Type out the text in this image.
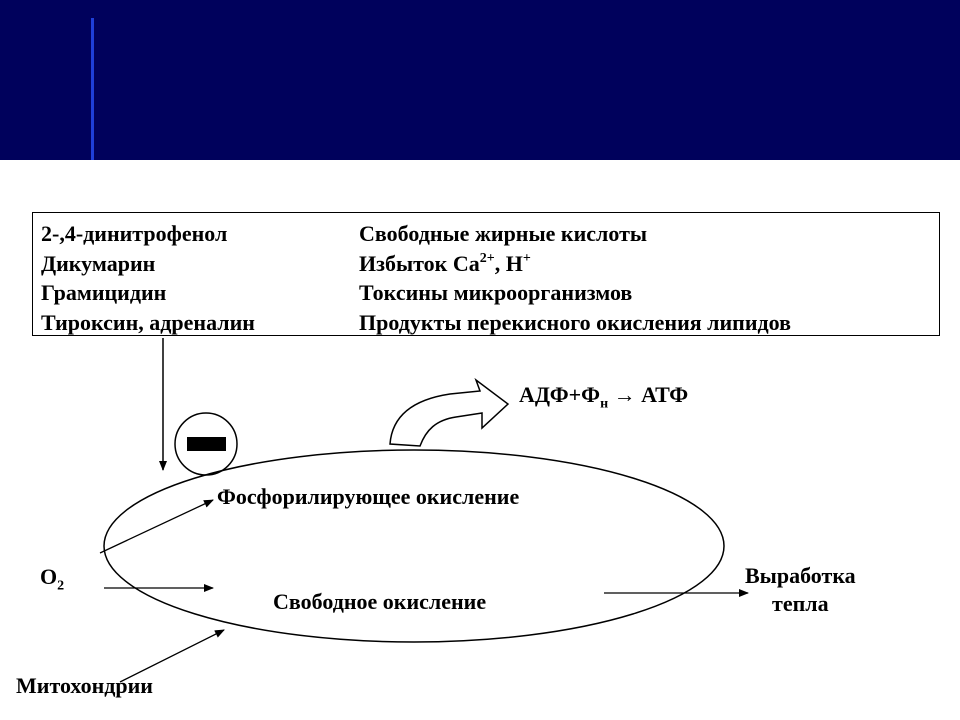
2-,4-динитрофенол
Дикумарин
Грамицидин
Тироксин, адреналин
Свободные жирные кислоты
Избыток $Ca^{2+}$, H+
Токсины микроорганизмов
Продукты перекисного окисления липидов
$АДФ+Ф_н$ → АТФ
Фосфорилирующее окисление
Свободное окисление
$O_2$	Выработка
тепла
Митохондрии
